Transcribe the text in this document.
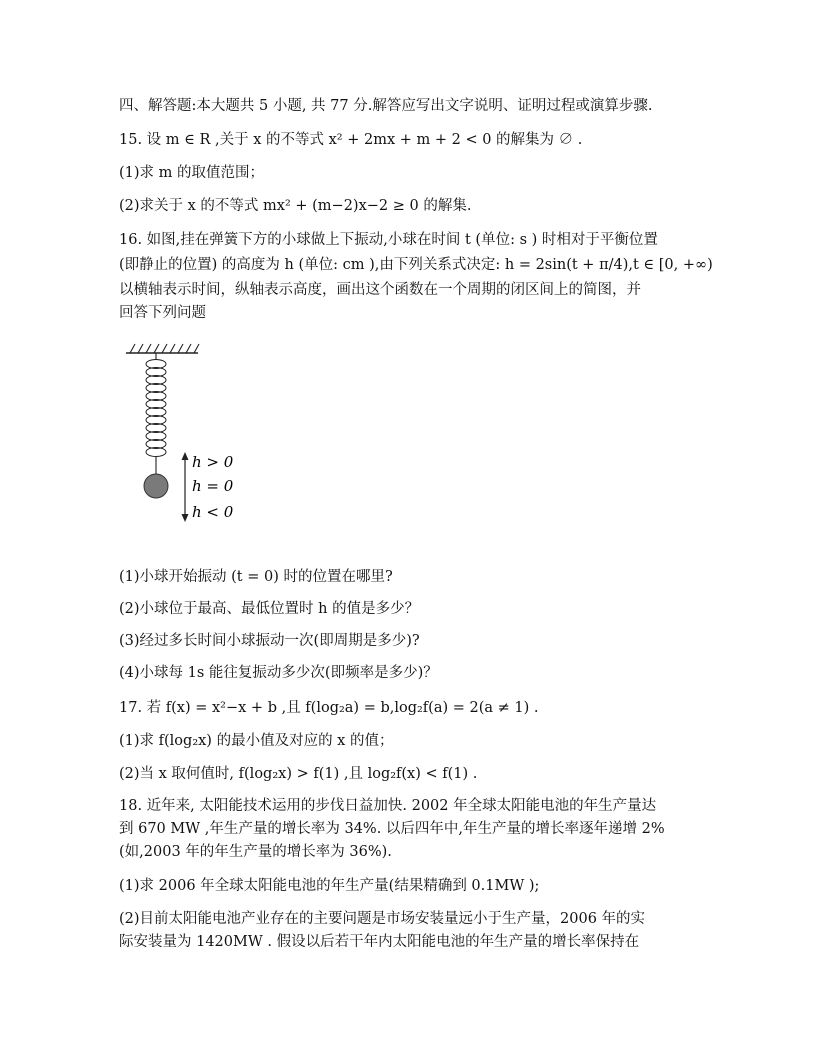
四、解答题:本大题共 5 小题, 共 77 分.解答应写出文字说明、证明过程或演算步骤.
15. 设 m ∈ R ,关于 x 的不等式 x² + 2mx + m + 2 < 0 的解集为 ∅ .
(1)求 m 的取值范围；
(2)求关于 x 的不等式 mx² + (m−2)x−2 ≥ 0 的解集.
16. 如图,挂在弹簧下方的小球做上下振动,小球在时间 t (单位: s ) 时相对于平衡位置
(即静止的位置) 的高度为 h (单位: cm ),由下列关系式决定: h = 2sin(t + π/4),t ∈ [0, +∞)
以横轴表示时间，纵轴表示高度，画出这个函数在一个周期的闭区间上的简图，并
回答下列问题
h > 0
h = 0
h < 0
(1)小球开始振动 (t = 0) 时的位置在哪里?
(2)小球位于最高、最低位置时 h 的值是多少？
(3)经过多长时间小球振动一次(即周期是多少)?
(4)小球每 1s 能往复振动多少次(即频率是多少)？
17. 若 f(x) = x²−x + b ,且 f(log₂a) = b,log₂f(a) = 2(a ≠ 1) .
(1)求 f(log₂x) 的最小值及对应的 x 的值；
(2)当 x 取何值时, f(log₂x) > f(1) ,且 log₂f(x) < f(1) .
18. 近年来, 太阳能技术运用的步伐日益加快. 2002 年全球太阳能电池的年生产量达
到 670 MW ,年生产量的增长率为 34%. 以后四年中,年生产量的增长率逐年递增 2%
(如,2003 年的年生产量的增长率为 36%).
(1)求 2006 年全球太阳能电池的年生产量(结果精确到 0.1MW );
(2)目前太阳能电池产业存在的主要问题是市场安装量远小于生产量，2006 年的实
际安装量为 1420MW . 假设以后若干年内太阳能电池的年生产量的增长率保持在
